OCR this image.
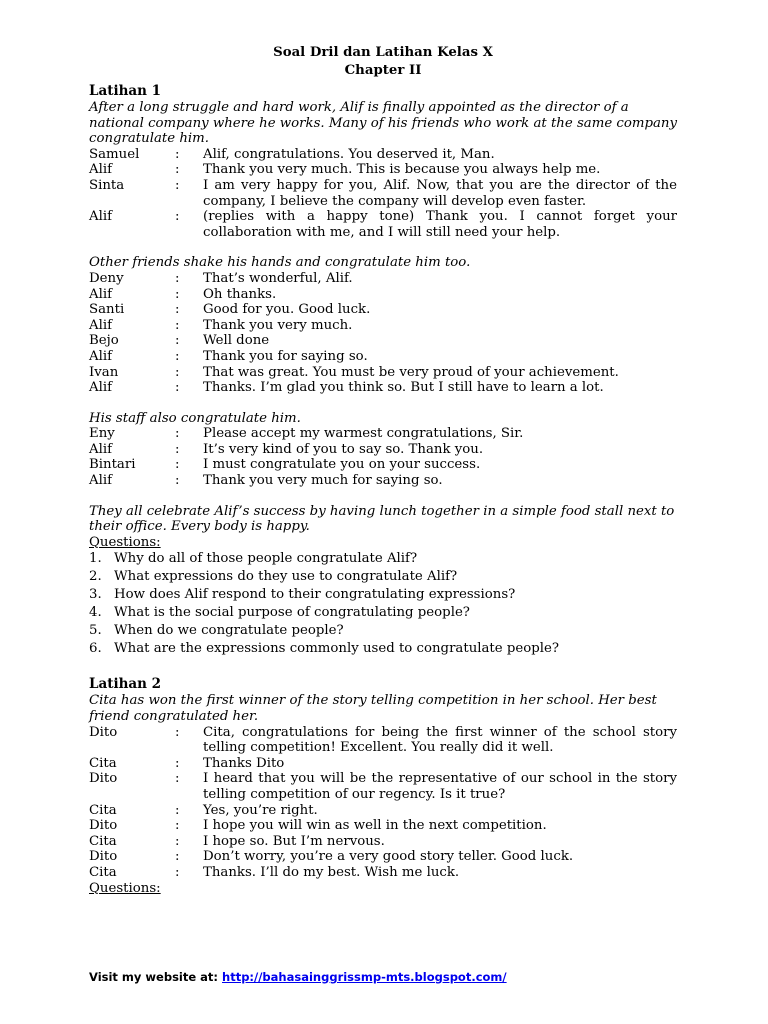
Soal Dril dan Latihan Kelas X
Chapter II
Latihan 1
After a long struggle and hard work, Alif is finally appointed as the director of a national company where he works. Many of his friends who work at the same company congratulate him.
Samuel	:	Alif, congratulations. You deserved it, Man.
Alif	:	Thank you very much. This is because you always help me.
Sinta	:	I am very happy for you, Alif. Now, that you are the director of the company, I believe the company will develop even faster.
Alif	:	(replies with a happy tone) Thank you. I cannot forget your collaboration with me, and I will still need your help.
Other friends shake his hands and congratulate him too.
Deny	:	That’s wonderful, Alif.
Alif	:	Oh thanks.
Santi	:	Good for you. Good luck.
Alif	:	Thank you very much.
Bejo	:	Well done
Alif	:	Thank you for saying so.
Ivan	:	That was great. You must be very proud of your achievement.
Alif	:	Thanks. I’m glad you think so. But I still have to learn a lot.
His staff also congratulate him.
Eny	:	Please accept my warmest congratulations, Sir.
Alif	:	It’s very kind of you to say so. Thank you.
Bintari	:	I must congratulate you on your success.
Alif	:	Thank you very much for saying so.
They all celebrate Alif’s success by having lunch together in a simple food stall next to their office. Every body is happy.
Questions:
1. Why do all of those people congratulate Alif?
2. What expressions do they use to congratulate Alif?
3. How does Alif respond to their congratulating expressions?
4. What is the social purpose of congratulating people?
5. When do we congratulate people?
6. What are the expressions commonly used to congratulate people?
Latihan 2
Cita has won the first winner of the story telling competition in her school. Her best friend congratulated her.
Dito	:	Cita, congratulations for being the first winner of the school story telling competition! Excellent. You really did it well.
Cita	:	Thanks Dito
Dito	:	I heard that you will be the representative of our school in the story telling competition of our regency. Is it true?
Cita	:	Yes, you’re right.
Dito	:	I hope you will win as well in the next competition.
Cita	:	I hope so. But I’m nervous.
Dito	:	Don’t worry, you’re a very good story teller. Good luck.
Cita	:	Thanks. I’ll do my best. Wish me luck.
Questions:
Visit my website at: http://bahasainggrissmp-mts.blogspot.com/
